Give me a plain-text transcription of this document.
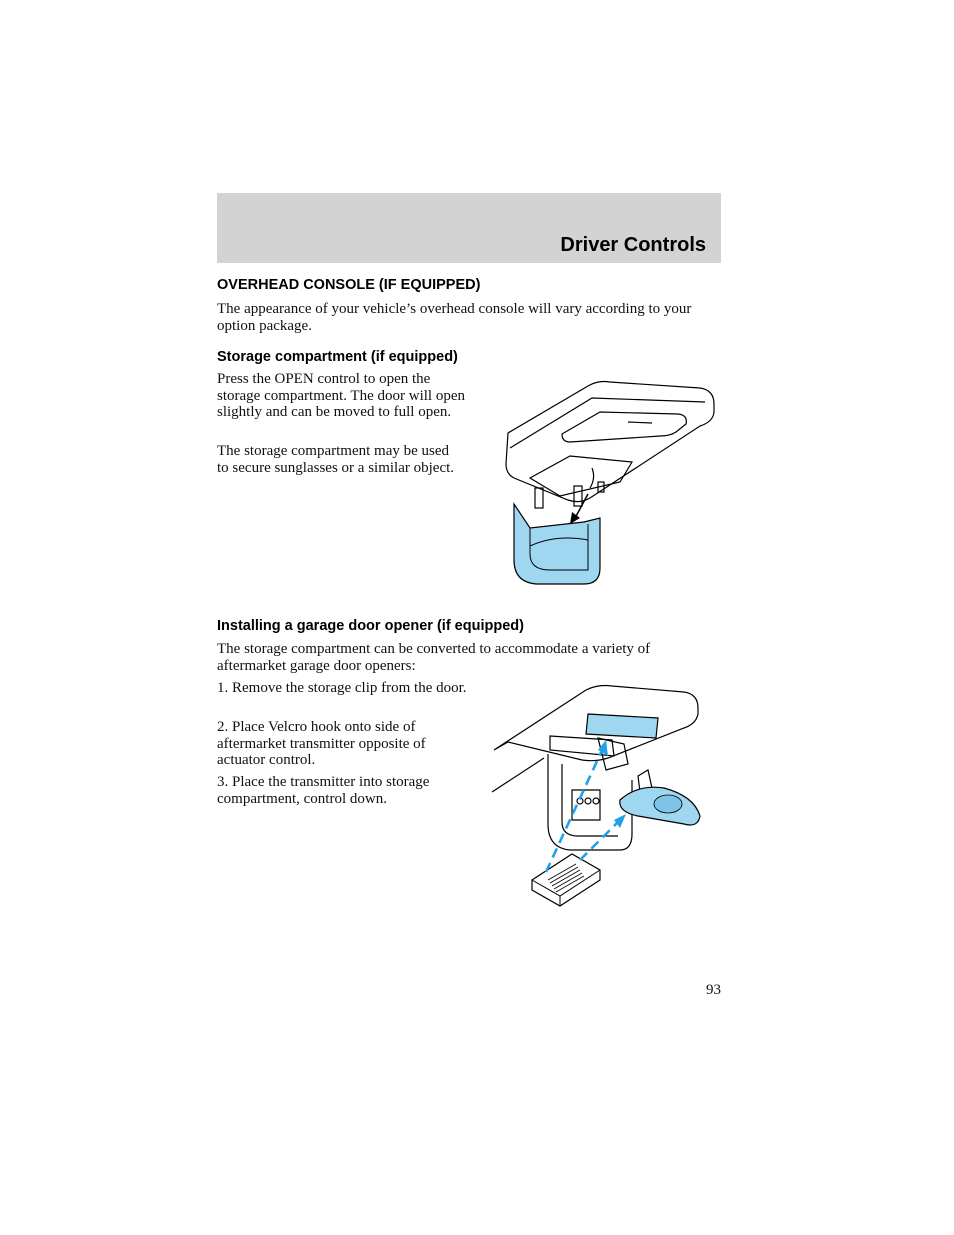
Driver Controls
OVERHEAD CONSOLE (IF EQUIPPED)

The appearance of your vehicle’s overhead console will vary according to your option package.

Storage compartment (if equipped)

Press the OPEN control to open the storage compartment. The door will open slightly and can be moved to full open.

The storage compartment may be used to secure sunglasses or a similar object.

Installing a garage door opener (if equipped)

The storage compartment can be converted to accommodate a variety of aftermarket garage door openers:

1. Remove the storage clip from the door.

2. Place Velcro hook onto side of aftermarket transmitter opposite of actuator control.

3. Place the transmitter into storage compartment, control down.

93
